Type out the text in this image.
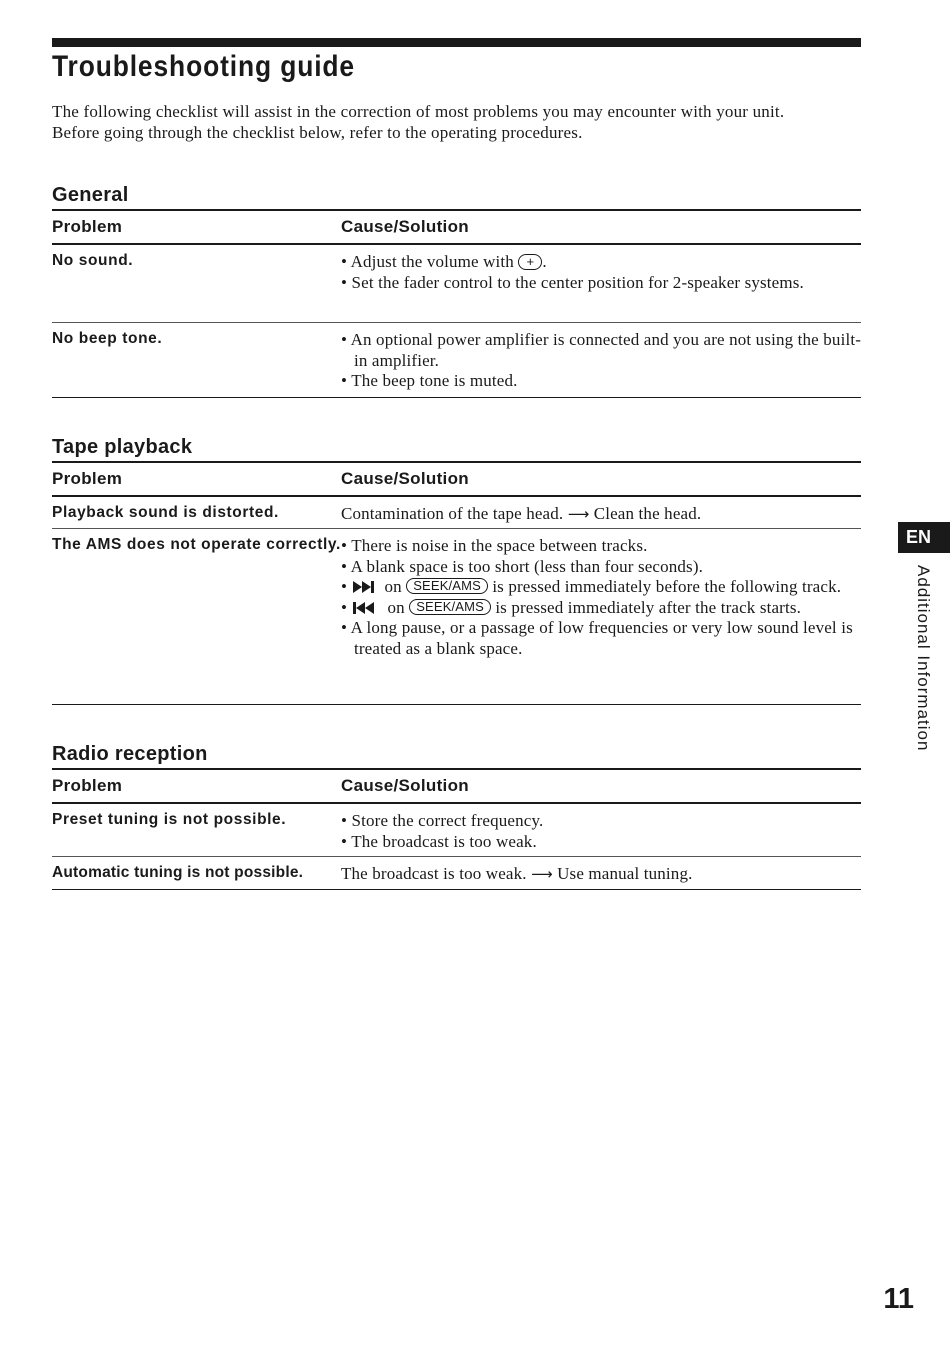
Troubleshooting guide

The following checklist will assist in the correction of most problems you may encounter with your unit.

Before going through the checklist below, refer to the operating procedures.

General
Problem	Cause/Solution
No sound.	• Adjust the volume with + .
• Set the fader control to the center position for 2-speaker systems.
No beep tone.	• An optional power amplifier is connected and you are not using the built-in amplifier.
• The beep tone is muted.
Tape playback
Problem	Cause/Solution
Playback sound is distorted.	Contamination of the tape head. ⟶ Clean the head.
The AMS does not operate correctly. • There is noise in the space between tracks.
• A blank space is too short (less than four seconds).
• on SEEK/AMS is pressed immediately before the following track.
• on SEEK/AMS is pressed immediately after the track starts.
• A long pause, or a passage of low frequencies or very low sound level is treated as a blank space.
Radio reception
Problem	Cause/Solution
Preset tuning is not possible.	• Store the correct frequency.
• The broadcast is too weak.
Automatic tuning is not possible.	The broadcast is too weak. ⟶ Use manual tuning.
EN
Additional Information
11
